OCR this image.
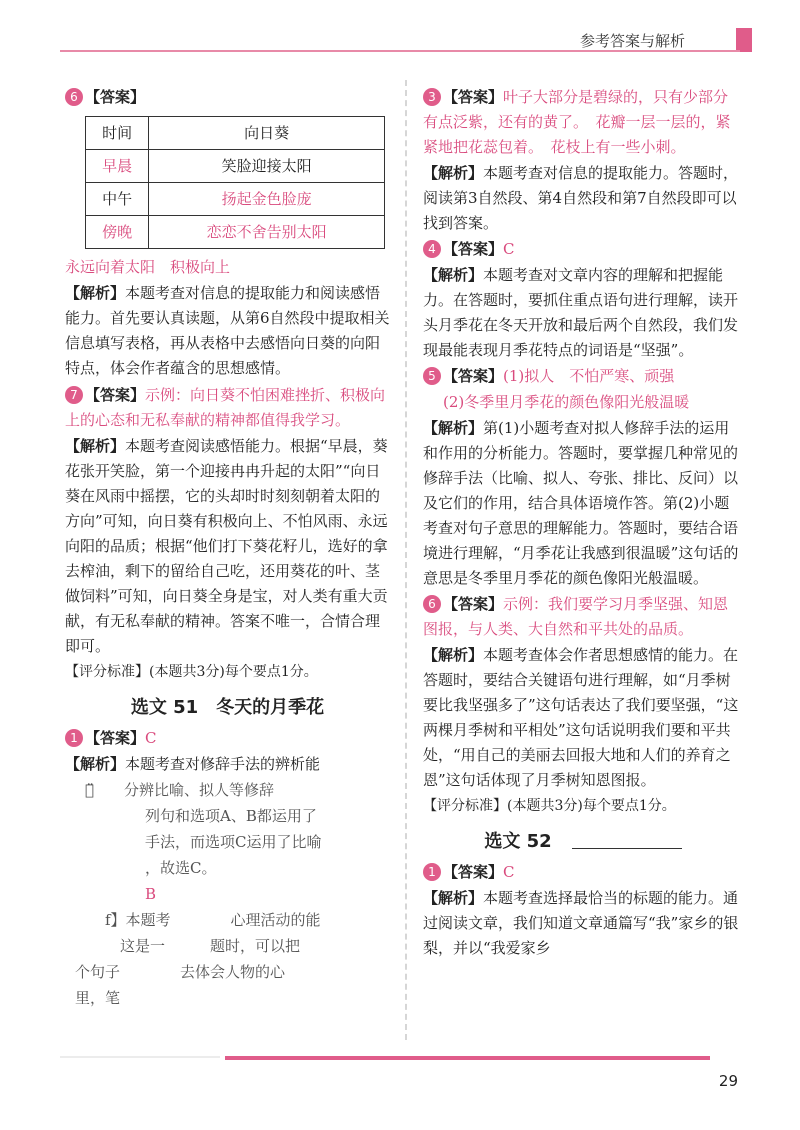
参考答案与解析
6 【答案】
时间	向日葵
早晨	笑脸迎接太阳
中午	扬起金色脸庞
傍晚	恋恋不舍告别太阳
永远向着太阳　积极向上
【解析】本题考查对信息的提取能力和阅读感悟能力。首先要认真读题，从第6自然段中提取相关信息填写表格，再从表格中去感悟向日葵的向阳特点，体会作者蕴含的思想感情。
7 【答案】示例：向日葵不怕困难挫折、积极向上的心态和无私奉献的精神都值得我学习。
【解析】本题考查阅读感悟能力。根据“早晨，葵花张开笑脸，第一个迎接冉冉升起的太阳”“向日葵在风雨中摇摆，它的头却时时刻刻朝着太阳的方向”可知，向日葵有积极向上、不怕风雨、永远向阳的品质；根据“他们打下葵花籽儿，选好的拿去榨油，剩下的留给自己吃，还用葵花的叶、茎做饲料”可知，向日葵全身是宝，对人类有重大贡献，有无私奉献的精神。答案不唯一，合情合理即可。
【评分标准】(本题共3分)每个要点1分。
选文 51　冬天的月季花
1 【答案】C
【解析】本题考查对修辞手法的辨析能
。̈　　分辨比喻、拟人等修辞
　　　　列句和选项A、B都运用了
　　　　手法，而选项C运用了比喻
　　　　，故选C。
B
f】本题考　　　　心理活动的能
　这是一　　　题时，可以把
个句子　　　　去体会人物的心
里，笔
3 【答案】叶子大部分是碧绿的，只有少部分有点泛紫，还有的黄了。　花瓣一层一层的，紧紧地把花蕊包着。　花枝上有一些小刺。
【解析】本题考查对信息的提取能力。答题时，阅读第3自然段、第4自然段和第7自然段即可以找到答案。
4 【答案】C
【解析】本题考查对文章内容的理解和把握能力。在答题时，要抓住重点语句进行理解，读开头月季花在冬天开放和最后两个自然段，我们发现最能表现月季花特点的词语是“坚强”。
5 【答案】(1)拟人　不怕严寒、顽强
(2)冬季里月季花的颜色像阳光般温暖
【解析】第(1)小题考查对拟人修辞手法的运用和作用的分析能力。答题时，要掌握几种常见的修辞手法（比喻、拟人、夸张、排比、反问）以及它们的作用，结合具体语境作答。第(2)小题考查对句子意思的理解能力。答题时，要结合语境进行理解，“月季花让我感到很温暖”这句话的意思是冬季里月季花的颜色像阳光般温暖。
6 【答案】示例：我们要学习月季坚强、知恩图报，与人类、大自然和平共处的品质。
【解析】本题考查体会作者思想感情的能力。在答题时，要结合关键语句进行理解，如“月季树要比我坚强多了”这句话表达了我们要坚强，“这两棵月季树和平相处”这句话说明我们要和平共处，“用自己的美丽去回报大地和人们的养育之恩”这句话体现了月季树知恩图报。
【评分标准】(本题共3分)每个要点1分。
选文 52
1 【答案】C
【解析】本题考查选择最恰当的标题的能力。通过阅读文章，我们知道文章通篇写“我”家乡的银梨，并以“我爱家乡
29
